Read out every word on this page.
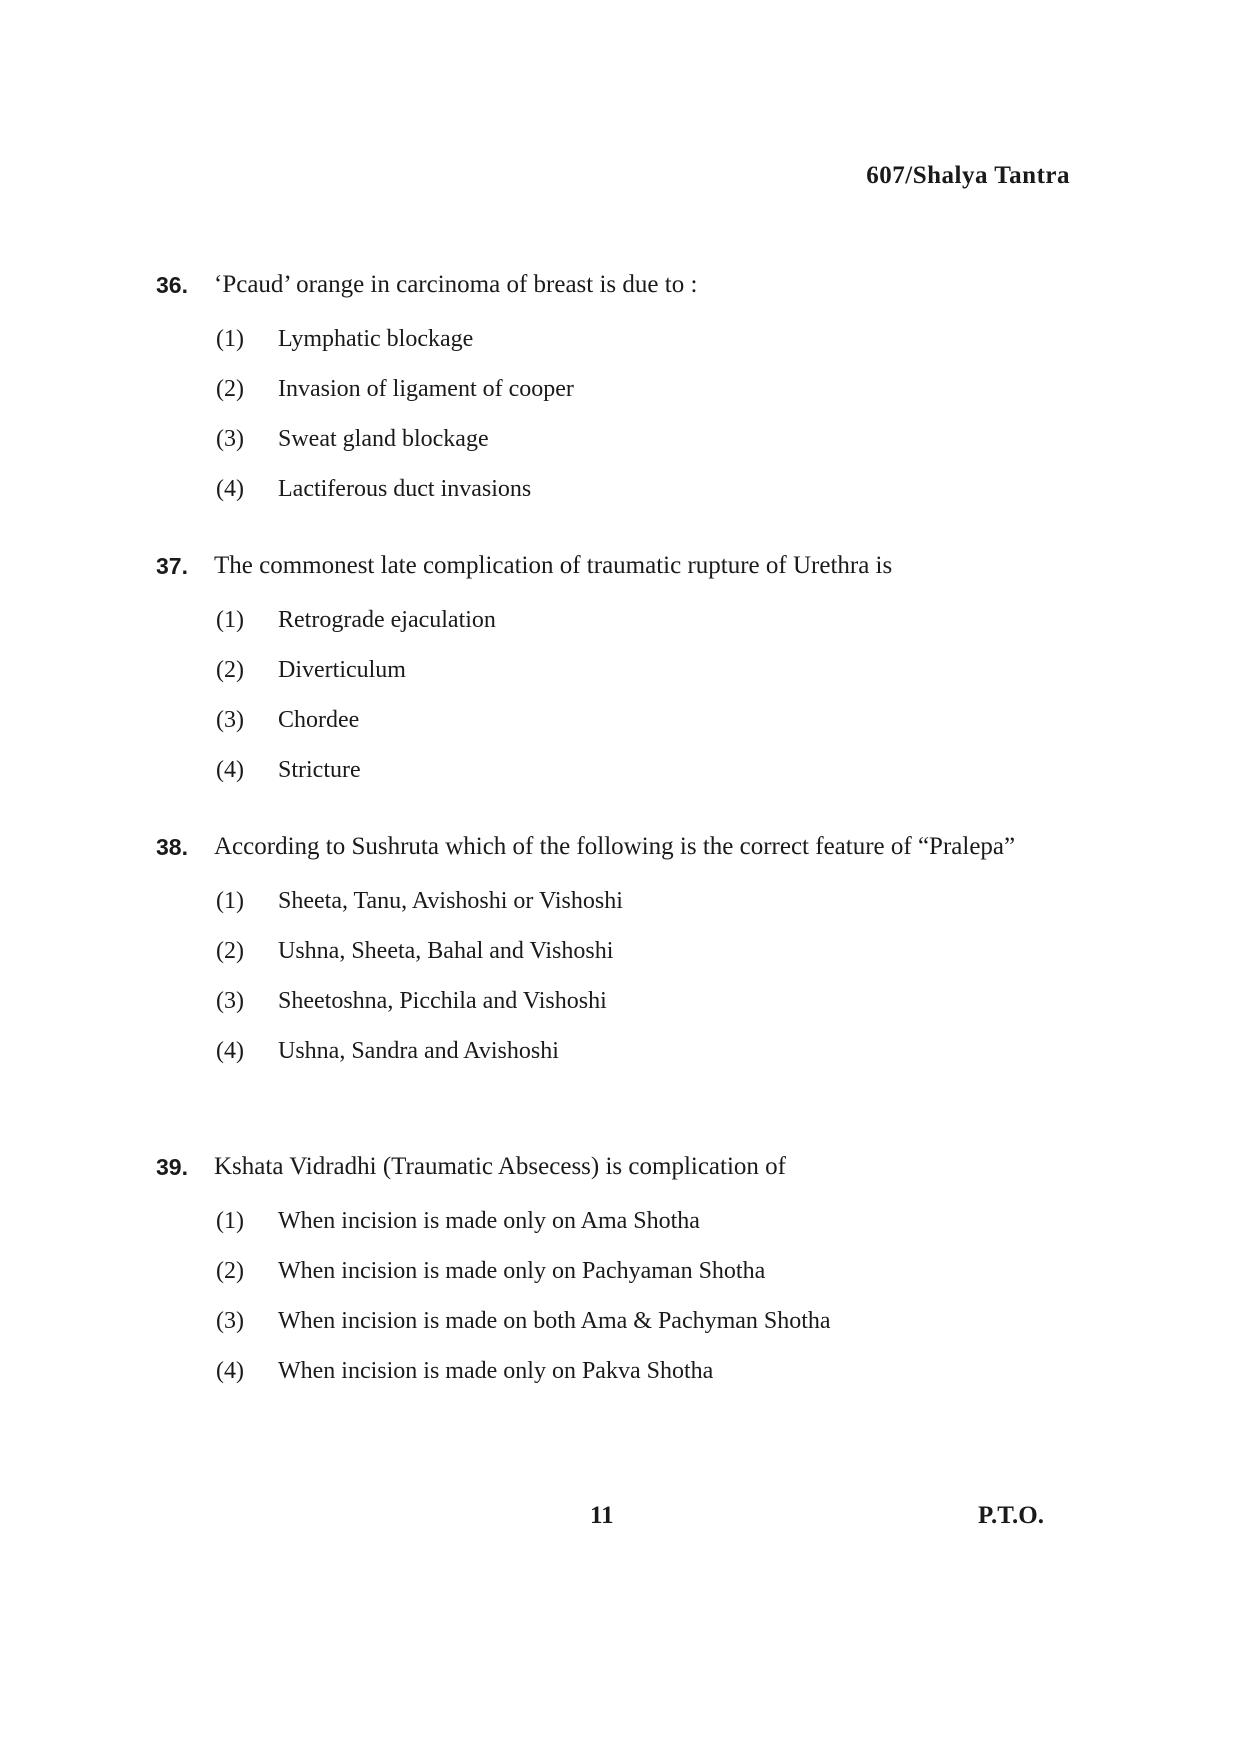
607/Shalya Tantra
36.	‘Pcaud’ orange in carcinoma of breast is due to :
(1)	Lymphatic blockage
(2)	Invasion of ligament of cooper
(3)	Sweat gland blockage
(4)	Lactiferous duct invasions
37.	The commonest late complication of traumatic rupture of Urethra is
(1)	Retrograde ejaculation
(2)	Diverticulum
(3)	Chordee
(4)	Stricture
38.	According to Sushruta which of the following is the correct feature of “Pralepa”
(1)	Sheeta, Tanu, Avishoshi or Vishoshi
(2)	Ushna, Sheeta, Bahal and Vishoshi
(3)	Sheetoshna, Picchila and Vishoshi
(4)	Ushna, Sandra and Avishoshi
39.	Kshata Vidradhi (Traumatic Absecess) is complication of
(1)	When incision is made only on Ama Shotha
(2)	When incision is made only on Pachyaman Shotha
(3)	When incision is made on both Ama & Pachyman Shotha
(4)	When incision is made only on Pakva Shotha
11	P.T.O.
